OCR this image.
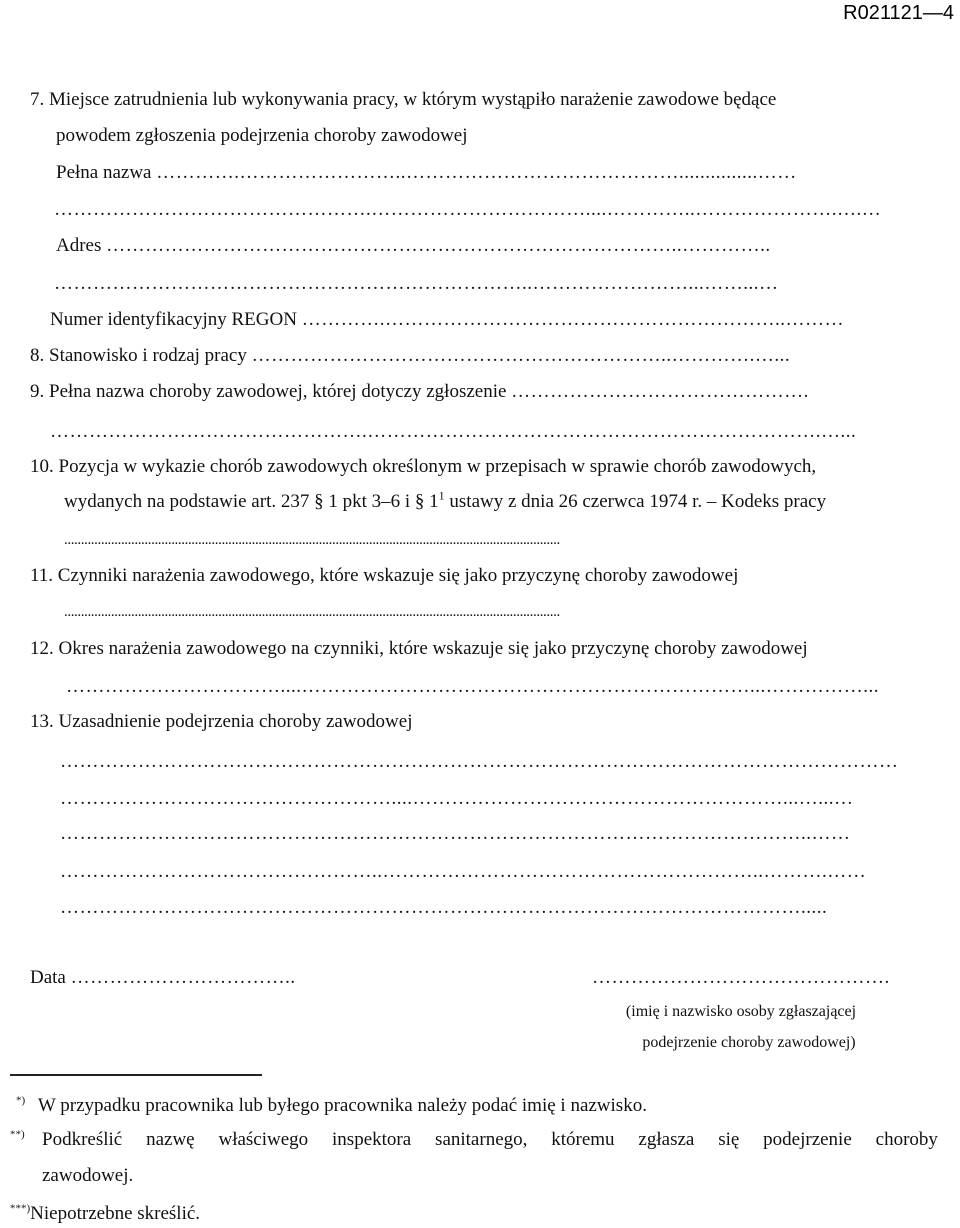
R021121—4
7. Miejsce zatrudnienia lub wykonywania pracy, w którym wystąpiło narażenie zawodowe będące
powodem zgłoszenia podejrzenia choroby zawodowej
Pełna nazwa ………….……………………..……………………………………...............……
………………………………………….……………………………....…………..………………….….…
Adres ……………………………………………………………………………..…………..
………………………………………………………………..……………………...……...…
Numer identyfikacyjny REGON ………….……………………………………………………..………
8. Stanowisko i rodzaj pracy ………………………………………………………..………….…...
9. Pełna nazwa choroby zawodowej, której dotyczy zgłoszenie ……………………………………….
………………………………………….…………………………………………………………….…...
10. Pozycja w wykazie chorób zawodowych określonym w przepisach w sprawie chorób zawodowych,
wydanych na podstawie art. 237 § 1 pkt 3–6 i § $1^1$ ustawy z dnia 26 czerwca 1974 r. – Kodeks pracy
....................................................................................................................................................
11. Czynniki narażenia zawodowego, które wskazuje się jako przyczynę choroby zawodowej
....................................................................................................................................................
12. Okres narażenia zawodowego na czynniki, które wskazuje się jako przyczynę choroby zawodowej
……………………………....……………………………………………………………...……………...
13. Uzasadnienie podejrzenia choroby zawodowej
…………………………………………………………………………………………………………………
……………………………………………....…………………………………………………...…...…
……………………………………………………………………………………………………..……
…………………………………………..…………………………………………………..……….……
…………………………………………………………………………………………………….....
Data ……………………………..	……………………………………….
(imię i nazwisko osoby zgłaszającej
podejrzenie choroby zawodowej)
*) W przypadku pracownika lub byłego pracownika należy podać imię i nazwisko.
**) Podkreślić nazwę właściwego inspektora sanitarnego, któremu zgłasza się podejrzenie choroby
zawodowej.
***)Niepotrzebne skreślić.
